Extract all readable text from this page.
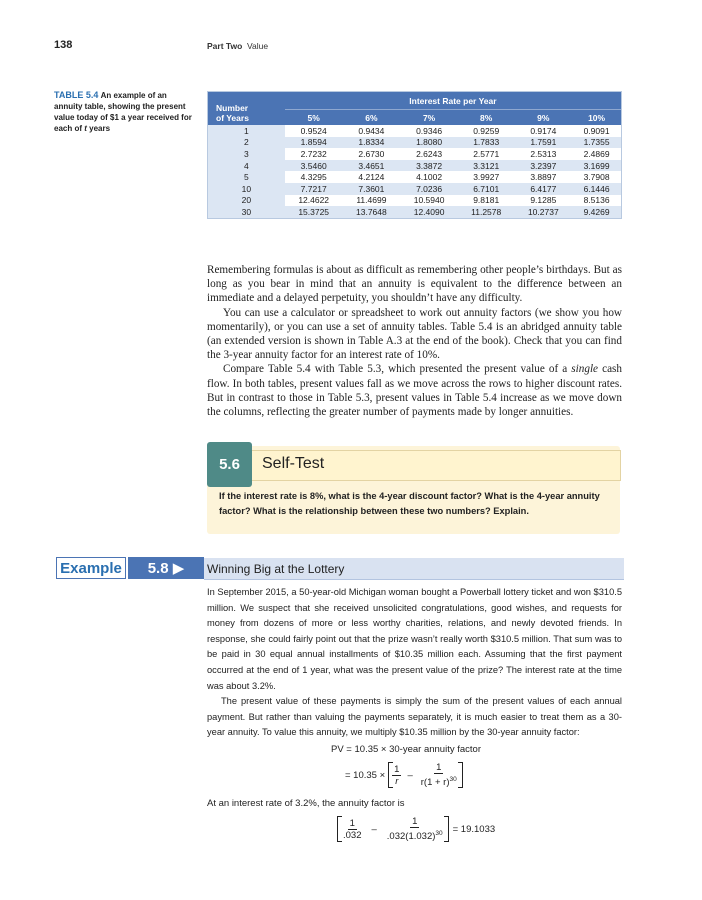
138	Part Two Value
TABLE 5.4 An example of an annuity table, showing the present value today of $1 a year received for each of t years
Number
of Years	Interest Rate per Year					
	5%	6%	7%	8%	9%	10%
1	0.9524	0.9434	0.9346	0.9259	0.9174	0.9091
2	1.8594	1.8334	1.8080	1.7833	1.7591	1.7355
3	2.7232	2.6730	2.6243	2.5771	2.5313	2.4869
4	3.5460	3.4651	3.3872	3.3121	3.2397	3.1699
5	4.3295	4.2124	4.1002	3.9927	3.8897	3.7908
10	7.7217	7.3601	7.0236	6.7101	6.4177	6.1446
20	12.4622	11.4699	10.5940	9.8181	9.1285	8.5136
30	15.3725	13.7648	12.4090	11.2578	10.2737	9.4269

Remembering formulas is about as difficult as remembering other people’s birthdays. But as long as you bear in mind that an annuity is equivalent to the difference between an immediate and a delayed perpetuity, you shouldn’t have any difficulty.

You can use a calculator or spreadsheet to work out annuity factors (we show you how momentarily), or you can use a set of annuity tables. Table 5.4 is an abridged annuity table (an extended version is shown in Table A.3 at the end of the book). Check that you can find the 3-year annuity factor for an interest rate of 10%.

Compare Table 5.4 with Table 5.3, which presented the present value of a single cash flow. In both tables, present values fall as we move across the rows to higher discount rates. But in contrast to those in Table 5.3, present values in Table 5.4 increase as we move down the columns, reflecting the greater number of payments made by longer annuities.

5.6	Self-Test
If the interest rate is 8%, what is the 4-year discount factor? What is the 4-year annuity factor? What is the relationship between these two numbers? Explain.
Example	5.8 ▶	Winning Big at the Lottery

In September 2015, a 50-year-old Michigan woman bought a Powerball lottery ticket and won $310.5 million. We suspect that she received unsolicited congratulations, good wishes, and requests for money from dozens of more or less worthy charities, relations, and newly devoted friends. In response, she could fairly point out that the prize wasn’t really worth $310.5 million. That sum was to be paid in 30 equal annual installments of $10.35 million each. Assuming that the first payment occurred at the end of 1 year, what was the present value of the prize? The interest rate at the time was about 3.2%.

The present value of these payments is simply the sum of the present values of each annual payment. But rather than valuing the payments separately, it is much easier to treat them as a 30-year annuity. To value this annuity, we multiply $10.35 million by the 30-year annuity factor:

PV = 10.35 × 30-year annuity factor
= $10.35 \times \frac{1}{r} - \frac{1}{r(1 + r)^{30}}$
At an interest rate of 3.2%, the annuity factor is
$\frac{1}{.032} - \frac{1}{.032(1.032)^{30}} = 19.1033$
